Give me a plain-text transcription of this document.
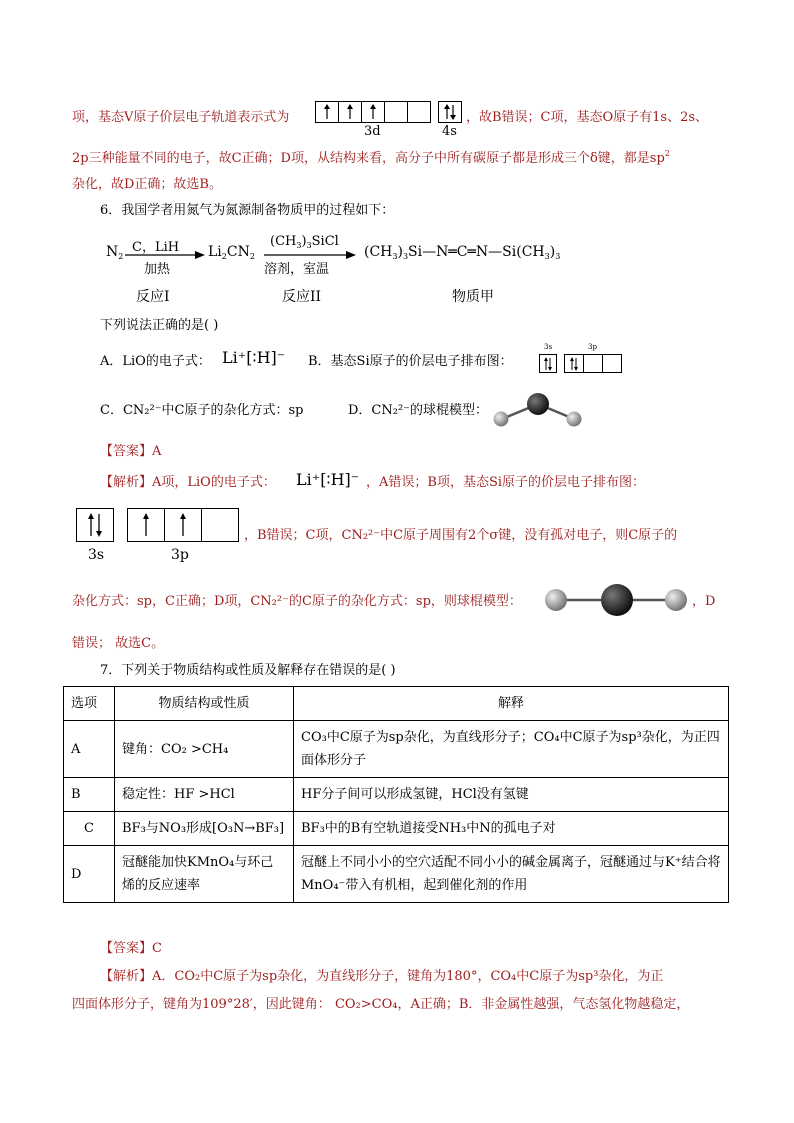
项，基态V原子价层电子轨道表示式为
3d	4s
，故B错误；C项，基态O原子有1s、2s、
2p三种能量不同的电子，故C正确；D项，从结构来看，高分子中所有碳原子都是形成三个δ键，都是$sp^2$
杂化，故D正确；故选B。
6．我国学者用氮气为氮源制备物质甲的过程如下：
$N_2$
C，LiH
加热
$Li_2CN_2$
$(CH_3)_3SiCl$
溶剂，室温
$(CH_3)_3Si—N═C═N—Si(CH_3)_3$
反应I	反应II	物质甲
下列说法正确的是( )
A．LiO的电子式： Li⁺[∶H]⁻ B．基态Si原子的价层电子排布图：
3s	3p
C．CN₂²⁻中C原子的杂化方式：sp	D．CN₂²⁻的球棍模型：
【答案】A
【解析】A项，LiO的电子式： Li⁺[∶H]⁻ ，A错误；B项，基态Si原子的价层电子排布图：
3s	3p
，B错误；C项，CN₂²⁻中C原子周围有2个σ键，没有孤对电子，则C原子的
杂化方式：sp，C正确；D项，CN₂²⁻的C原子的杂化方式：sp，则球棍模型：	，D
错误； 故选C。
7．下列关于物质结构或性质及解释存在错误的是( )
选项	物质结构或性质	解释
A	键角：CO₂ >CH₄	CO₃中C原子为sp杂化，为直线形分子；CO₄中C原子为sp³杂化，为正四面体形分子
B	稳定性：HF >HCl	HF分子间可以形成氢键，HCl没有氢键
C	BF₃与NO₃形成[O₃N→BF₃]	BF₃中的B有空轨道接受NH₃中N的孤电子对
D	冠醚能加快KMnO₄与环己烯的反应速率	冠醚上不同小小的空穴适配不同小小的碱金属离子，冠醚通过与K⁺结合将MnO₄⁻带入有机相，起到催化剂的作用
【答案】C
【解析】A．CO₂中C原子为sp杂化，为直线形分子，键角为180°，CO₄中C原子为sp³杂化，为正
四面体形分子，键角为109°28′，因此键角： CO₂>CO₄，A正确；B．非金属性越强，气态氢化物越稳定，
